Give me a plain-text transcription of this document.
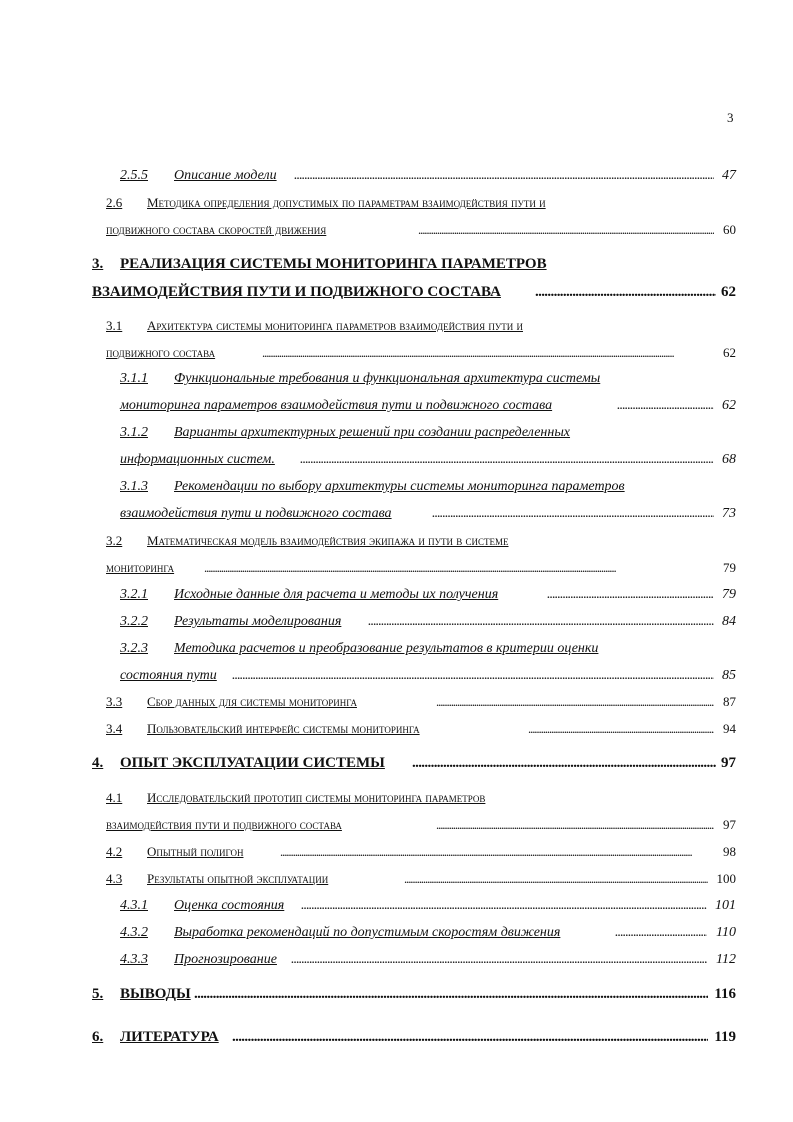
3
2.5.5 Описание модели . . .	47
2.6 Методика определения допустимых по параметрам взаимодействия пути и
подвижного состава скоростей движения . . .	60
3. РЕАЛИЗАЦИЯ СИСТЕМЫ МОНИТОРИНГА ПАРАМЕТРОВ
ВЗАИМОДЕЙСТВИЯ ПУТИ И ПОДВИЖНОГО СОСТАВА . . .	62
3.1 Архитектура системы мониторинга параметров взаимодействия пути и
подвижного состава . . .	62
3.1.1 Функциональные требования и функциональная архитектура системы
мониторинга параметров взаимодействия пути и подвижного состава . . .	62
3.1.2 Варианты архитектурных решений при создании распределенных
информационных систем. . . .	68
3.1.3 Рекомендации по выбору архитектуры системы мониторинга параметров
взаимодействия пути и подвижного состава . . .	73
3.2 Математическая модель взаимодействия экипажа и пути в системе
мониторинга . . .	79
3.2.1 Исходные данные для расчета и методы их получения . . .	79
3.2.2 Результаты моделирования . . .	84
3.2.3 Методика расчетов и преобразование результатов в критерии оценки
состояния пути . . .	85
3.3 Сбор данных для системы мониторинга . . .	87
3.4 Пользовательский интерфейс системы мониторинга . . .	94
4. ОПЫТ ЭКСПЛУАТАЦИИ СИСТЕМЫ . . .	97
4.1 Исследовательский прототип системы мониторинга параметров
взаимодействия пути и подвижного состава . . .	97
4.2 Опытный полигон . . .	98
4.3 Результаты опытной эксплуатации . . .	100
4.3.1 Оценка состояния . . .	101
4.3.2 Выработка рекомендаций по допустимым скоростям движения . . .	110
4.3.3 Прогнозирование . . .	112
5. ВЫВОДЫ . . .	116
6. ЛИТЕРАТУРА . . .	119
